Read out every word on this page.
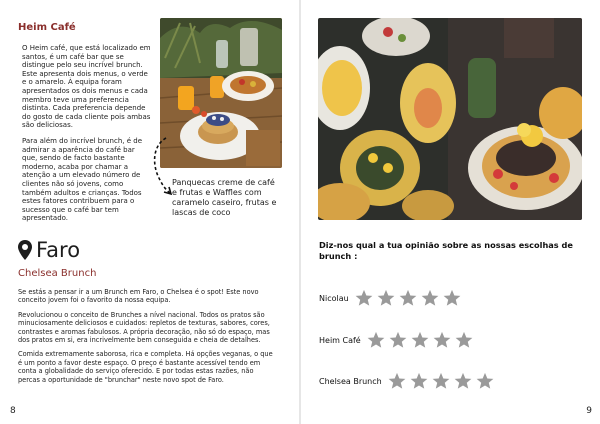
Heim Café

O Heim café, que está localizado em santos, é um café bar que se distingue pelo seu incrível brunch. Este apresenta dois menus, o verde e o amarelo. À equipa foram apresentados os dois menus e cada membro teve uma preferencia distinta. Cada preferencia depende do gosto de cada cliente pois ambas são deliciosas.

Para além do incrível brunch, é de admirar a aparência do café bar que, sendo de facto bastante moderno, acaba por chamar a atenção a um elevado número de clientes não só jovens, como também adultos e crianças. Todos estes fatores contribuem para o sucesso que o café bar tem apresentado.

Panquecas creme de café e frutas e Waffles com caramelo caseiro, frutas e lascas de coco
Faro
Chelsea Brunch

Se estás a pensar ir a um Brunch em Faro, o Chelsea é o spot! Este novo conceito jovem foi o favorito da nossa equipa.

Revolucionou o conceito de Brunches a nível nacional. Todos os pratos são minuciosamente deliciosos e cuidados: repletos de texturas, sabores, cores, contrastes e aromas fabulosos. A própria decoração, não só do espaço, mas dos pratos em si, era incrivelmente bem conseguida e cheia de detalhes.

Comida extremamente saborosa, rica e completa. Há opções veganas, o que é um ponto a favor deste espaço. O preço é bastante acessível tendo em conta a globalidade do serviço oferecido. E por todas estas razões, não percas a oportunidade de "brunchar" neste novo spot de Faro.

8
Diz-nos qual a tua opinião sobre as nossas escolhas de brunch :
Nicolau
Heim Café
Chelsea Brunch
9
